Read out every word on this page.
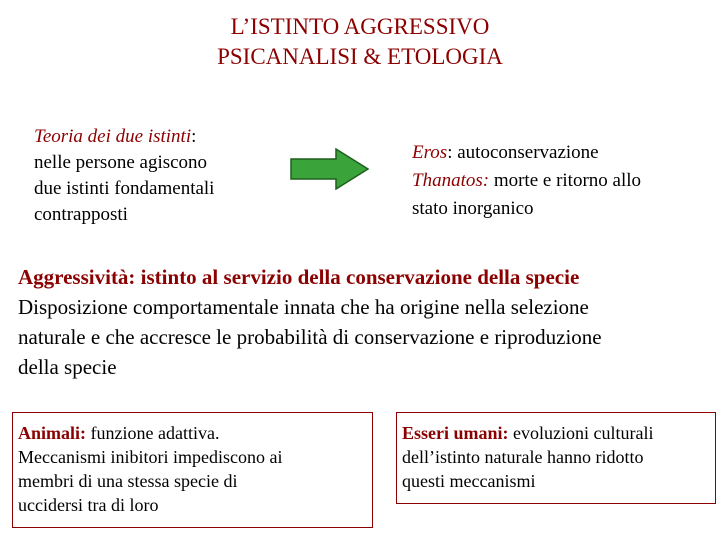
L’ISTINTO AGGRESSIVO
PSICANALISI & ETOLOGIA
Teoria dei due istinti:
nelle persone agiscono
due istinti fondamentali
contrapposti
Eros: autoconservazione
Thanatos: morte e ritorno allo
stato inorganico
Aggressività: istinto al servizio della conservazione della specie
Disposizione comportamentale innata che ha origine nella selezione
naturale e che accresce le probabilità di conservazione e riproduzione
della specie
Animali: funzione adattiva.
Meccanismi inibitori impediscono ai
membri di una stessa specie di
uccidersi tra di loro
Esseri umani: evoluzioni culturali
dell’istinto naturale hanno ridotto
questi meccanismi
